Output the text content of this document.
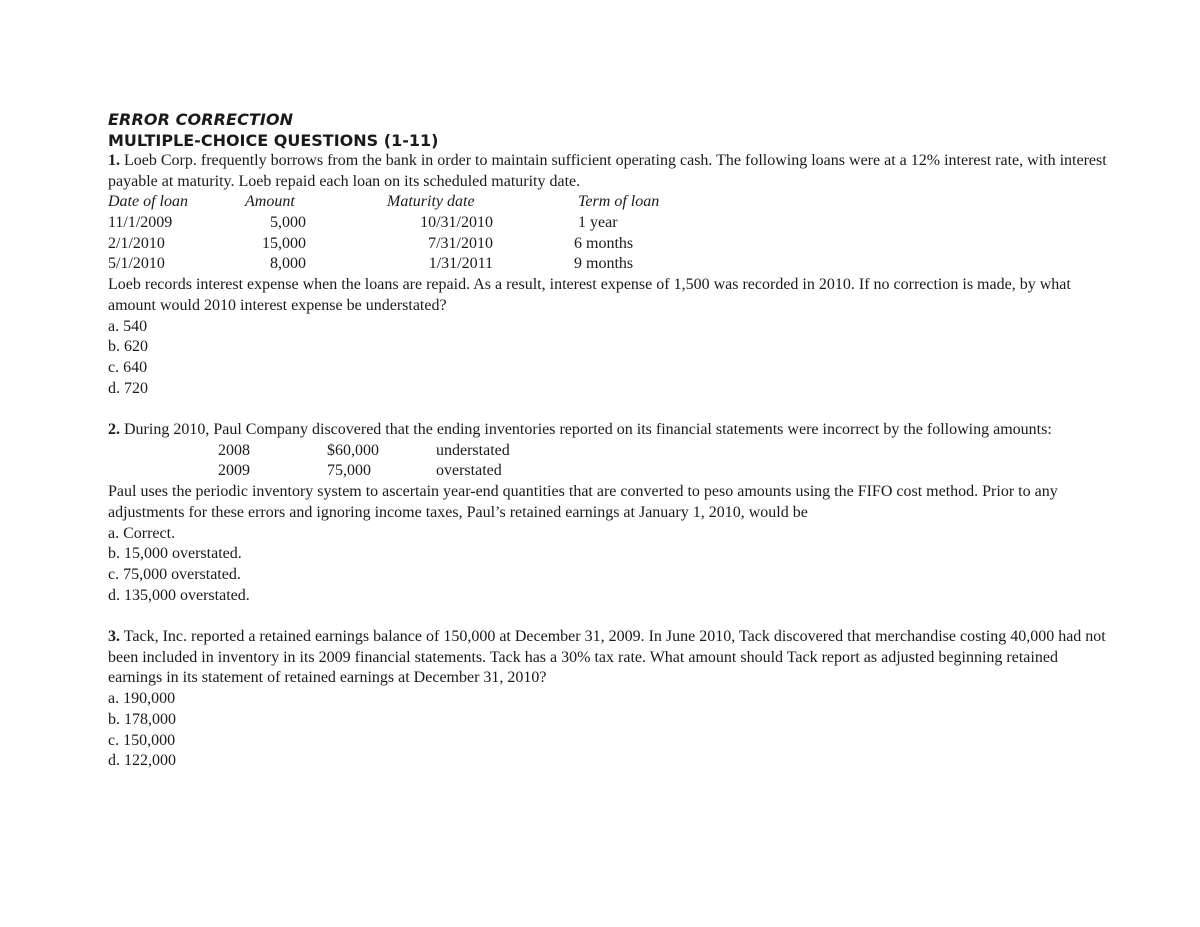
ERROR CORRECTION
MULTIPLE-CHOICE QUESTIONS (1-11)

1. Loeb Corp. frequently borrows from the bank in order to maintain sufficient operating cash. The following loans were at a 12% interest rate, with interest payable at maturity. Loeb repaid each loan on its scheduled maturity date.

Date of loan	Amount	Maturity date	Term of loan
11/1/2009	5,000	10/31/2010	1 year
2/1/2010	15,000	7/31/2010	6 months
5/1/2010	8,000	1/31/2011	9 months

Loeb records interest expense when the loans are repaid. As a result, interest expense of 1,500 was recorded in 2010. If no correction is made, by what amount would 2010 interest expense be understated?

a. 540

b. 620

c. 640

d. 720

2. During 2010, Paul Company discovered that the ending inventories reported on its financial statements were incorrect by the following amounts:

2008	$60,000	understated
2009	75,000	overstated

Paul uses the periodic inventory system to ascertain year-end quantities that are converted to peso amounts using the FIFO cost method. Prior to any adjustments for these errors and ignoring income taxes, Paul’s retained earnings at January 1, 2010, would be

a. Correct.

b. 15,000 overstated.

c. 75,000 overstated.

d. 135,000 overstated.

3. Tack, Inc. reported a retained earnings balance of 150,000 at December 31, 2009. In June 2010, Tack discovered that merchandise costing 40,000 had not been included in inventory in its 2009 financial statements. Tack has a 30% tax rate. What amount should Tack report as adjusted beginning retained earnings in its statement of retained earnings at December 31, 2010?

a. 190,000

b. 178,000

c. 150,000

d. 122,000
